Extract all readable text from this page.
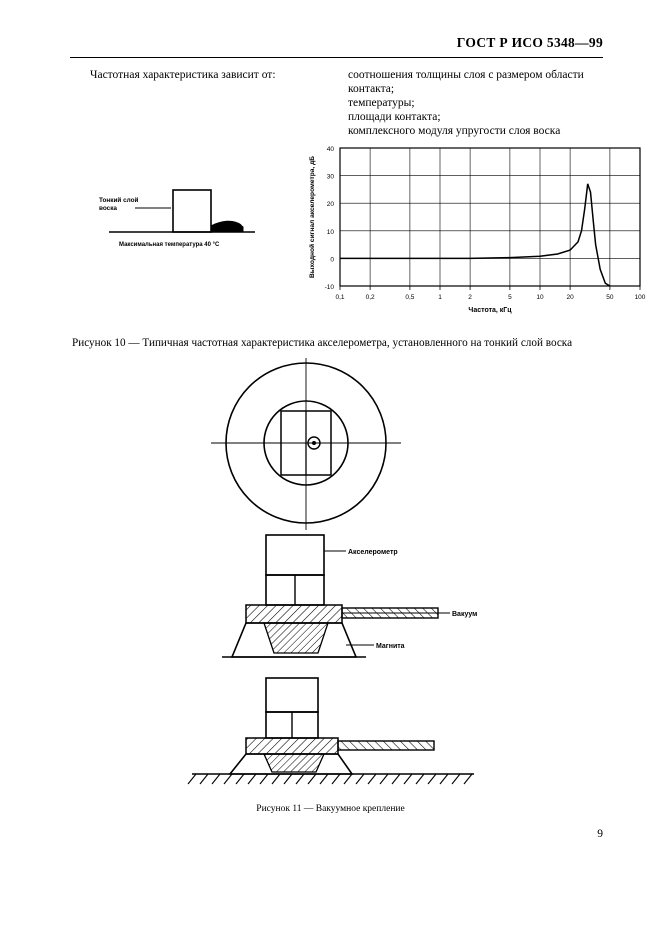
ГОСТ Р ИСО 5348—99
Частотная характеристика зависит от:	соотношения толщины слоя с размером области контакта;
температуры;
площади контакта;
комплексного модуля упругости слоя воска
Тонкий слой
воска
Максимальная температура 40 °С
-10
0
10
20
30
40
0,1	0,2	0,5	1	2	5	10	20	50	100
Частота, кГц
Выходной сигнал акселерометра, дБ
Рисунок 10 — Типичная частотная характеристика акселерометра, установленного на тонкий слой воска
Акселерометр
Вакуум
Магнита
Рисунок 11 — Вакуумное крепление
9
